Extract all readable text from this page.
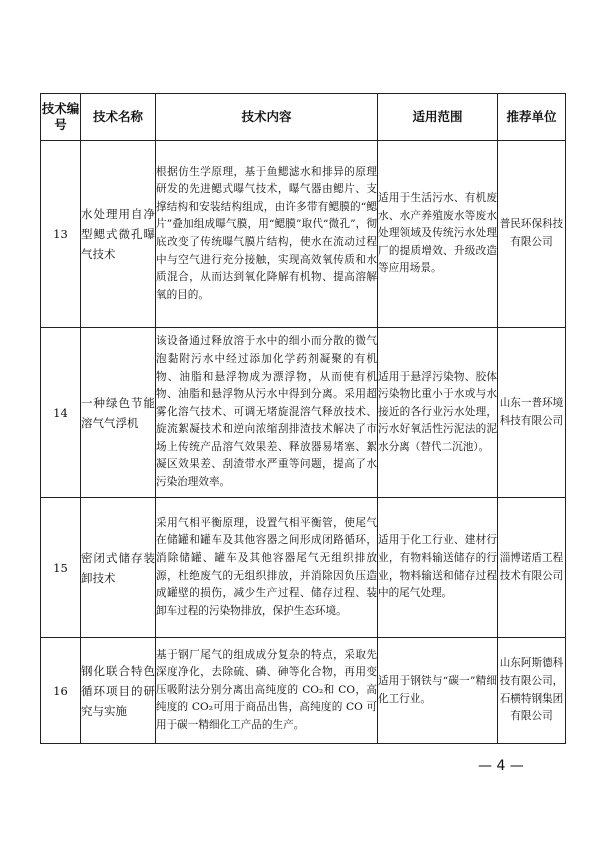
技术编号	技术名称	技术内容	适用范围	推荐单位
13	水处理用自净型鳃式微孔曝气技术	根据仿生学原理，基于鱼鳃滤水和排异的原理研发的先进鳃式曝气技术，曝气器由鳃片、支撑结构和安装结构组成，由许多带有鳃膜的“鳃片”叠加组成曝气膜，用“鳃膜”取代“微孔”，彻底改变了传统曝气膜片结构，使水在流动过程中与空气进行充分接触，实现高效氧传质和水质混合，从而达到氧化降解有机物、提高溶解氧的目的。	适用于生活污水、有机废水、水产养殖废水等废水处理领域及传统污水处理厂的提质增效、升级改造等应用场景。	普民环保科技有限公司
14	一种绿色节能溶气气浮机	该设备通过释放溶于水中的细小而分散的微气泡黏附污水中经过添加化学药剂凝聚的有机物、油脂和悬浮物成为漂浮物，从而使有机物、油脂和悬浮物从污水中得到分离。采用超雾化溶气技术、可调无堵旋混溶气释放技术、旋流絮凝技术和逆向浓缩刮排渣技术解决了市场上传统产品溶气效果差、释放器易堵塞、絮凝区效果差、刮渣带水严重等问题，提高了水污染治理效率。	适用于悬浮污染物、胶体污染物比重小于水或与水接近的各行业污水处理，污水好氧活性污泥法的泥水分离（替代二沉池）。	山东一普环境科技有限公司
15	密闭式储存装卸技术	采用气相平衡原理，设置气相平衡管，使尾气在储罐和罐车及其他容器之间形成闭路循环，消除储罐、罐车及其他容器尾气无组织排放源，杜绝废气的无组织排放，并消除因负压造成罐壁的损伤，减少生产过程、储存过程、装卸车过程的污染物排放，保护生态环境。	适用于化工行业、建材行业，有物料输送储存的行业，物料输送和储存过程中的尾气处理。	淄博诺盾工程技术有限公司
16	钢化联合特色循环项目的研究与实施	基于钢厂尾气的组成成分复杂的特点，采取先深度净化，去除硫、磷、砷等化合物，再用变压吸附法分别分离出高纯度的 CO₂和 CO，高纯度的 CO₂可用于商品出售，高纯度的 CO 可用于碳一精细化工产品的生产。	适用于钢铁与“碳一”精细化工行业。	山东阿斯德科技有限公司，石横特钢集团有限公司
— 4 —
